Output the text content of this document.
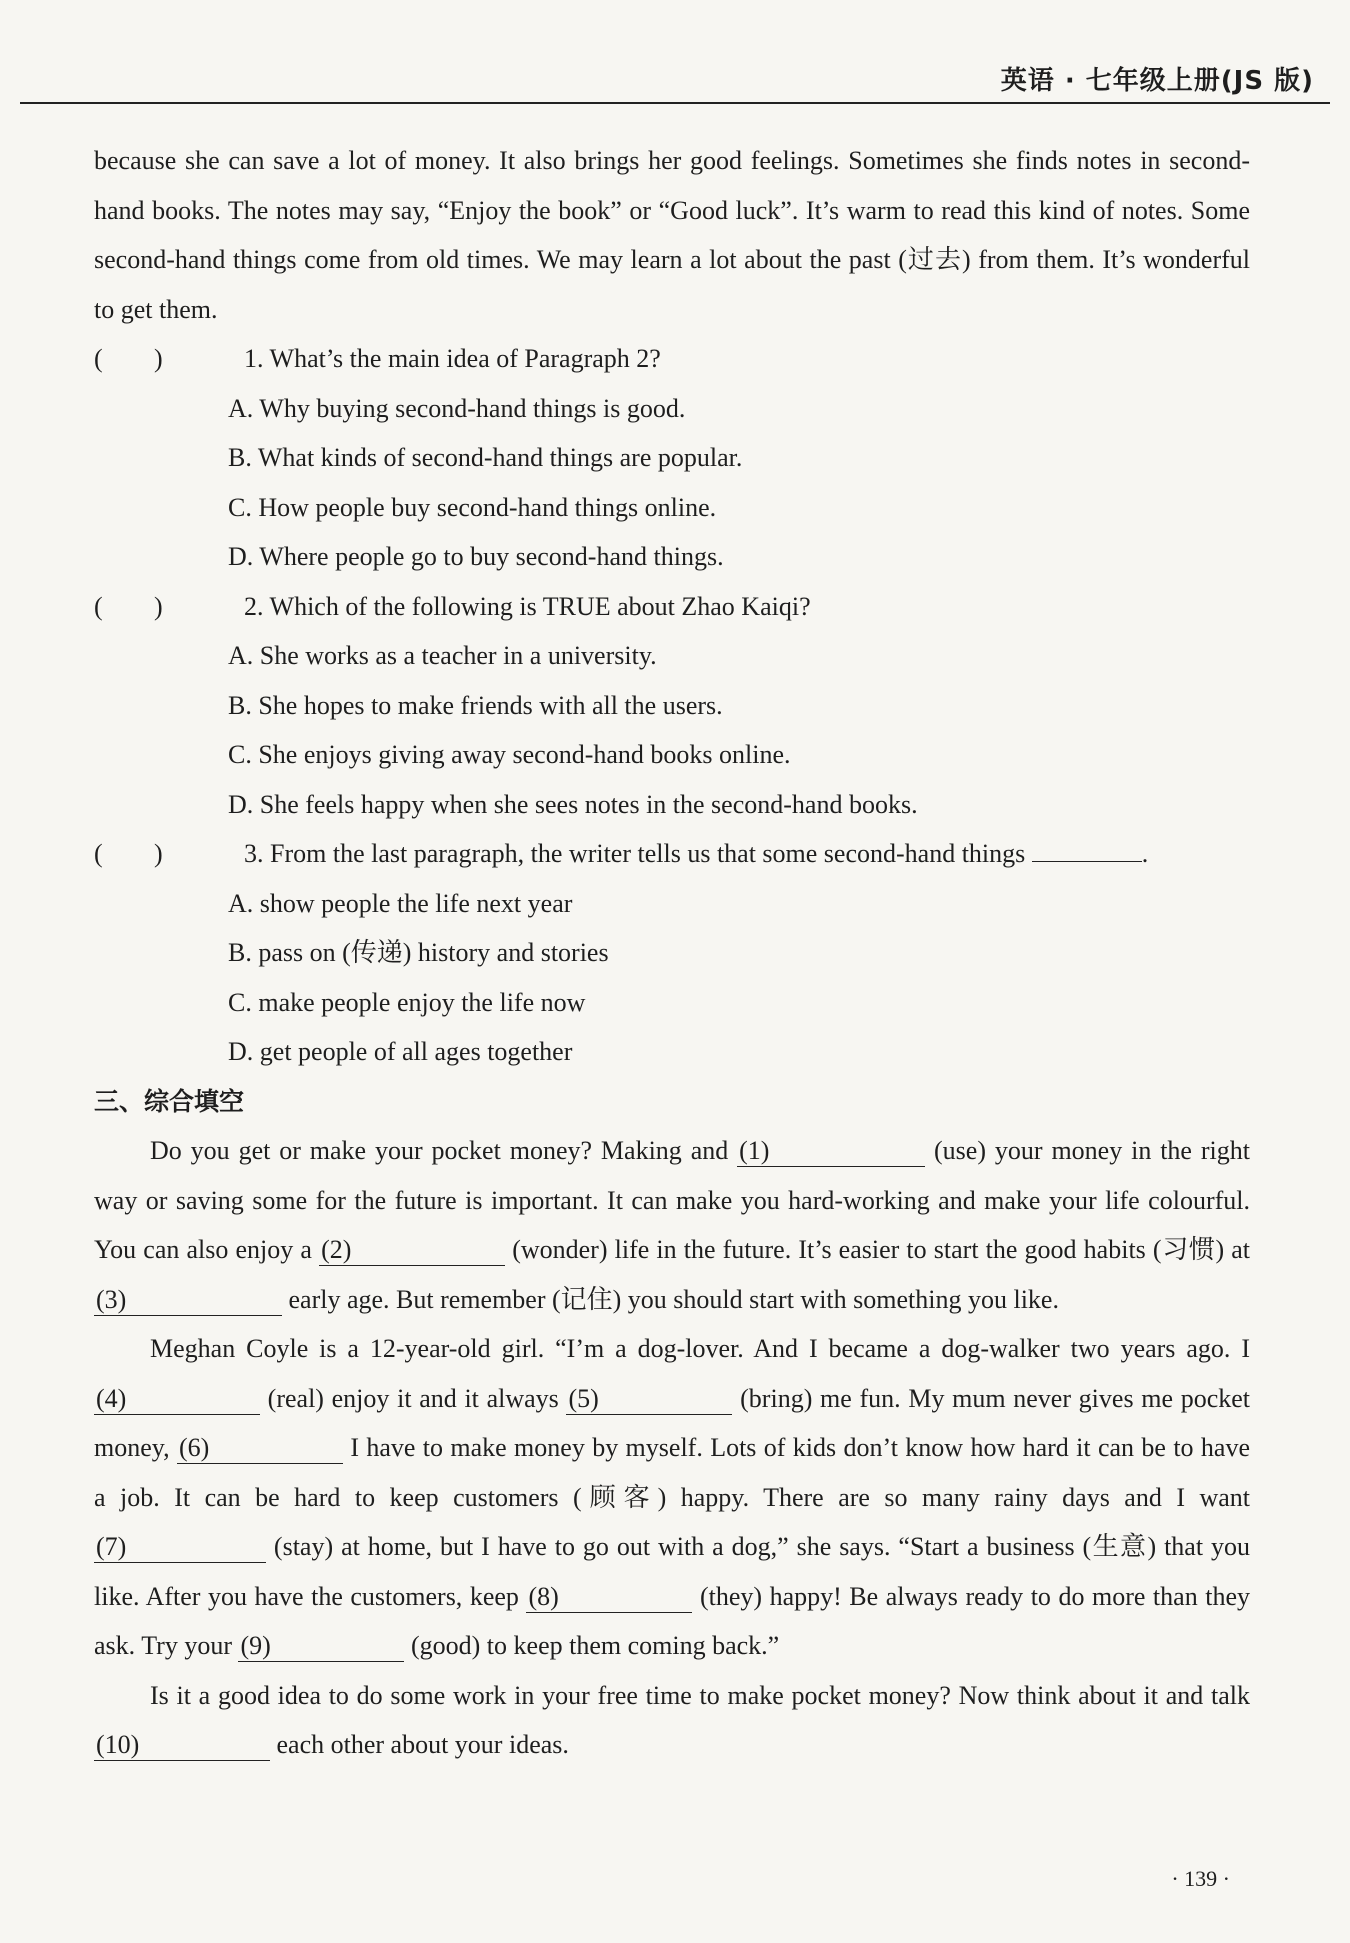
英语 · 七年级上册(JS 版)

because she can save a lot of money. It also brings her good feelings. Sometimes she finds notes in second-hand books. The notes may say, “Enjoy the book” or “Good luck”. It’s warm to read this kind of notes. Some second-hand things come from old times. We may learn a lot about the past (过去) from them. It’s wonderful to get them.

( )	1. What’s the main idea of Paragraph 2?

A. Why buying second-hand things is good.

B. What kinds of second-hand things are popular.

C. How people buy second-hand things online.

D. Where people go to buy second-hand things.

( )	2. Which of the following is TRUE about Zhao Kaiqi?

A. She works as a teacher in a university.

B. She hopes to make friends with all the users.

C. She enjoys giving away second-hand books online.

D. She feels happy when she sees notes in the second-hand books.

( )	3. From the last paragraph, the writer tells us that some second-hand things	.

A. show people the life next year

B. pass on (传递) history and stories

C. make people enjoy the life now

D. get people of all ages together

三、综合填空

Do you get or make your pocket money? Making and (1)	(use) your money in the right way or saving some for the future is important. It can make you hard-working and make your life colourful. You can also enjoy a (2)	(wonder) life in the future. It’s easier to start the good habits (习惯) at (3)	early age. But remember (记住) you should start with something you like.

Meghan Coyle is a 12-year-old girl. “I’m a dog-lover. And I became a dog-walker two years ago. I (4)	(real) enjoy it and it always (5)	(bring) me fun. My mum never gives me pocket money, (6)	I have to make money by myself. Lots of kids don’t know how hard it can be to have a job. It can be hard to keep customers (顾客) happy. There are so many rainy days and I want (7)	(stay) at home, but I have to go out with a dog,” she says. “Start a business (生意) that you like. After you have the customers, keep (8)	(they) happy! Be always ready to do more than they ask. Try your (9)	(good) to keep them coming back.”

Is it a good idea to do some work in your free time to make pocket money? Now think about it and talk (10)	each other about your ideas.

· 139 ·
